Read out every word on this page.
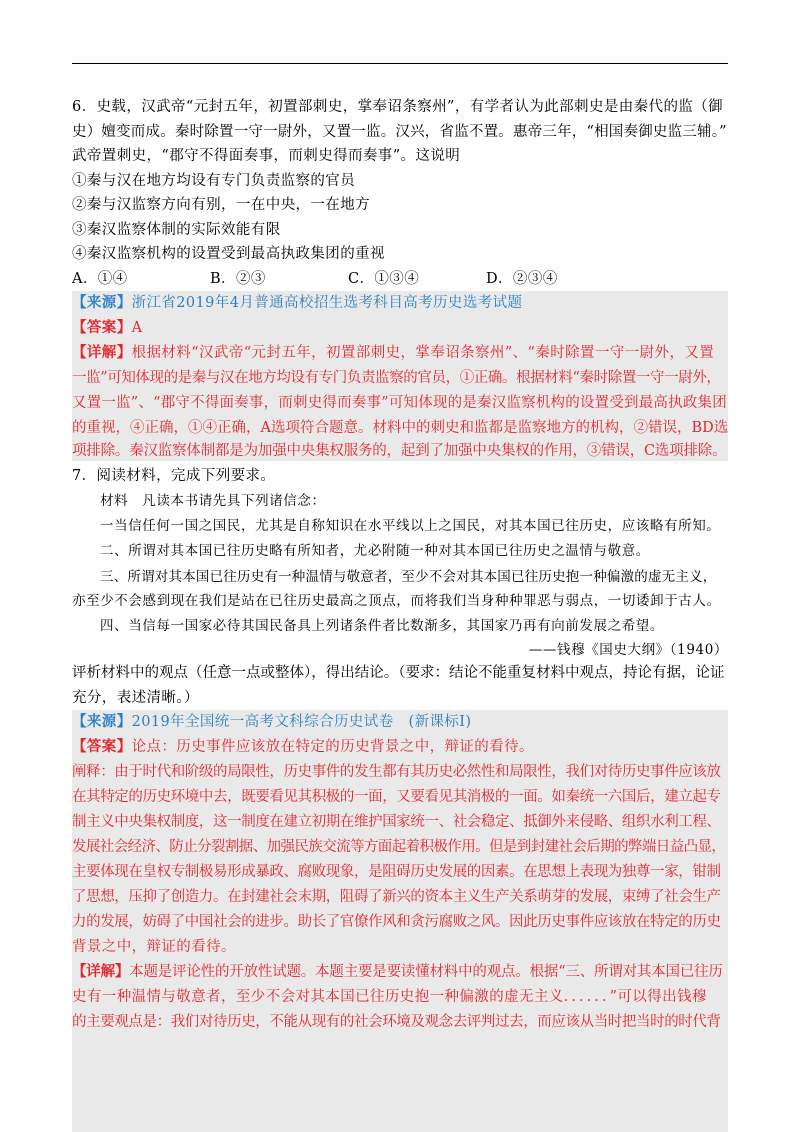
6．史载，汉武帝“元封五年，初置部刺史，掌奉诏条察州”，有学者认为此部刺史是由秦代的监（御
史）嬗变而成。秦时除置一守一尉外，又置一监。汉兴，省监不置。惠帝三年，“相国奏御史监三辅。”
武帝置刺史，“郡守不得面奏事，而刺史得而奏事”。这说明
①秦与汉在地方均设有专门负责监察的官员
②秦与汉监察方向有别，一在中央，一在地方
③秦汉监察体制的实际效能有限
④秦汉监察机构的设置受到最高执政集团的重视
A．①④	B．②③	C．①③④	D．②③④
【来源】浙江省2019年4月普通高校招生选考科目高考历史选考试题
【答案】A
【详解】根据材料“汉武帝“元封五年，初置部刺史，掌奉诏条察州”、“秦时除置一守一尉外，又置
一监”可知体现的是秦与汉在地方均设有专门负责监察的官员，①正确。根据材料“秦时除置一守一尉外，
又置一监”、“郡守不得面奏事，而刺史得而奏事”可知体现的是秦汉监察机构的设置受到最高执政集团
的重视，④正确，①④正确，A选项符合题意。材料中的刺史和监都是监察地方的机构，②错误，BD选
项排除。秦汉监察体制都是为加强中央集权服务的，起到了加强中央集权的作用，③错误，C选项排除。
7．阅读材料，完成下列要求。
材料　凡读本书请先具下列诸信念：
一当信任何一国之国民，尤其是自称知识在水平线以上之国民，对其本国已往历史，应该略有所知。
二、所谓对其本国已往历史略有所知者，尤必附随一种对其本国已往历史之温情与敬意。
三、所谓对其本国已往历史有一种温情与敬意者，至少不会对其本国已往历史抱一种偏激的虚无主义，
亦至少不会感到现在我们是站在已往历史最高之顶点，而将我们当身种种罪恶与弱点，一切诿卸于古人。
四、当信每一国家必待其国民备具上列诸条件者比数渐多，其国家乃再有向前发展之希望。
——钱穆《国史大纲》（1940）
评析材料中的观点（任意一点或整体），得出结论。（要求：结论不能重复材料中观点，持论有据，论证
充分，表述清晰。）
【来源】2019年全国统一高考文科综合历史试卷　(新课标Ⅰ)
【答案】论点：历史事件应该放在特定的历史背景之中，辩证的看待。
阐释：由于时代和阶级的局限性，历史事件的发生都有其历史必然性和局限性，我们对待历史事件应该放
在其特定的历史环境中去，既要看见其积极的一面，又要看见其消极的一面。如秦统一六国后，建立起专
制主义中央集权制度，这一制度在建立初期在维护国家统一、社会稳定、抵御外来侵略、组织水利工程、
发展社会经济、防止分裂割据、加强民族交流等方面起着积极作用。但是到封建社会后期的弊端日益凸显，
主要体现在皇权专制极易形成暴政、腐败现象，是阻碍历史发展的因素。在思想上表现为独尊一家，钳制
了思想，压抑了创造力。在封建社会末期，阻碍了新兴的资本主义生产关系萌芽的发展，束缚了社会生产
力的发展，妨碍了中国社会的进步。助长了官僚作风和贪污腐败之风。因此历史事件应该放在特定的历史
背景之中，辩证的看待。
【详解】本题是评论性的开放性试题。本题主要是要读懂材料中的观点。根据“三、所谓对其本国已往历
史有一种温情与敬意者，至少不会对其本国已往历史抱一种偏激的虚无主义．．．．．．”可以得出钱穆
的主要观点是：我们对待历史，不能从现有的社会环境及观念去评判过去，而应该从当时把当时的时代背
